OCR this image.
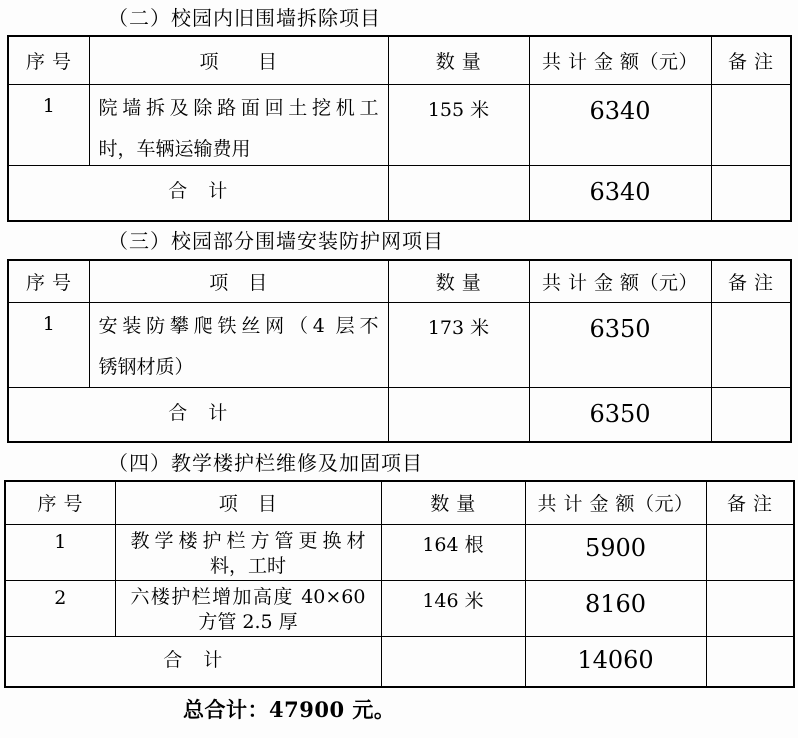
（二）校园内旧围墙拆除项目
序 号	项　　目	数 量	共 计 金 额（元）	备 注
1	院墙拆及除路面回土挖机工
时，车辆运输费用	155 米	6340	
合　计			6340	
（三）校园部分围墙安装防护网项目
序 号	项　目	数 量	共 计 金 额（元）	备 注
1	安装防攀爬铁丝网（4 层不
锈钢材质）	173 米	6350	
合　计			6350	
（四）教学楼护栏维修及加固项目
序 号	项　目	数 量	共 计 金 额（元）	备 注
1	教学楼护栏方管更换材
料，工时	164 根	5900	
2	六楼护栏增加高度 40×60
方管 2.5 厚	146 米	8160	
合　计			14060	
总合计：47900 元。
